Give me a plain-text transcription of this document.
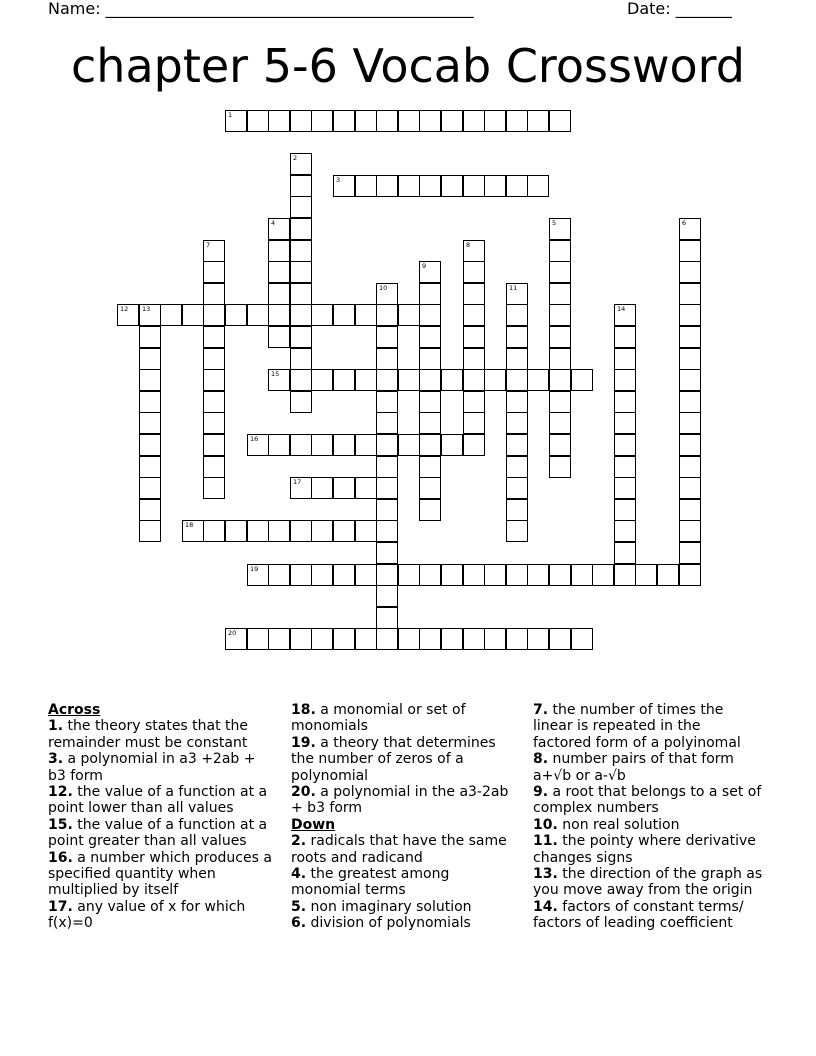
Name: ______________________________________________	Date: _______
chapter 5-6 Vocab Crossword
1
2
3
4	5	6
7	8
9
10	11
12 13	14
15
16
17
18
19
20

Across

1. the theory states that the remainder must be constant

3. a polynomial in a3 +2ab + b3 form

12. the value of a function at a point lower than all values

15. the value of a function at a point greater than all values

16. a number which produces a specified quantity when multiplied by itself

17. any value of x for which f(x)=0

18. a monomial or set of monomials

19. a theory that determines the number of zeros of a polynomial

20. a polynomial in the a3-2ab + b3 form

Down

2. radicals that have the same roots and radicand

4. the greatest among monomial terms

5. non imaginary solution

6. division of polynomials

7. the number of times the linear is repeated in the factored form of a polyinomal

8. number pairs of that form a+√b or a-√b

9. a root that belongs to a set of complex numbers

10. non real solution

11. the pointy where derivative changes signs

13. the direction of the graph as you move away from the origin

14. factors of constant terms/ factors of leading coefficient
